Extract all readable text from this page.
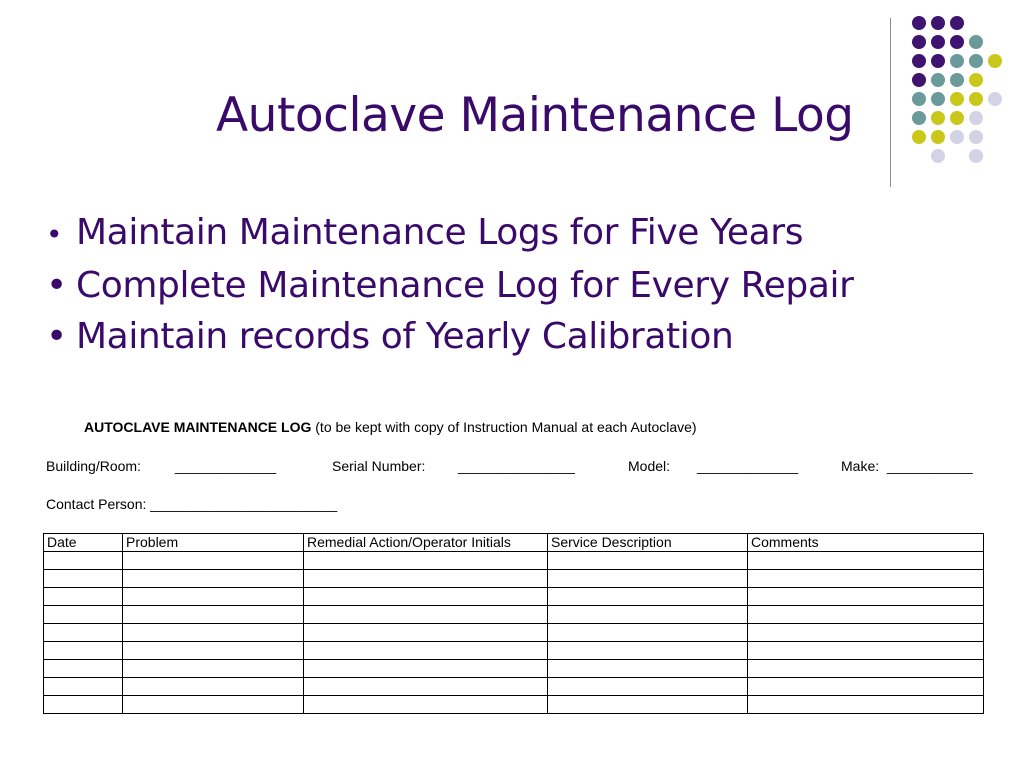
Autoclave Maintenance Log
• Maintain Maintenance Logs for Five Years
• Complete Maintenance Log for Every Repair
• Maintain records of Yearly Calibration
AUTOCLAVE MAINTENANCE LOG (to be kept with copy of Instruction Manual at each Autoclave)
Building/Room: _____________	Serial Number: _______________	Model: _____________	Make: ___________
Contact Person: ________________________
Date	Problem	Remedial Action/Operator Initials	Service Description	Comments
